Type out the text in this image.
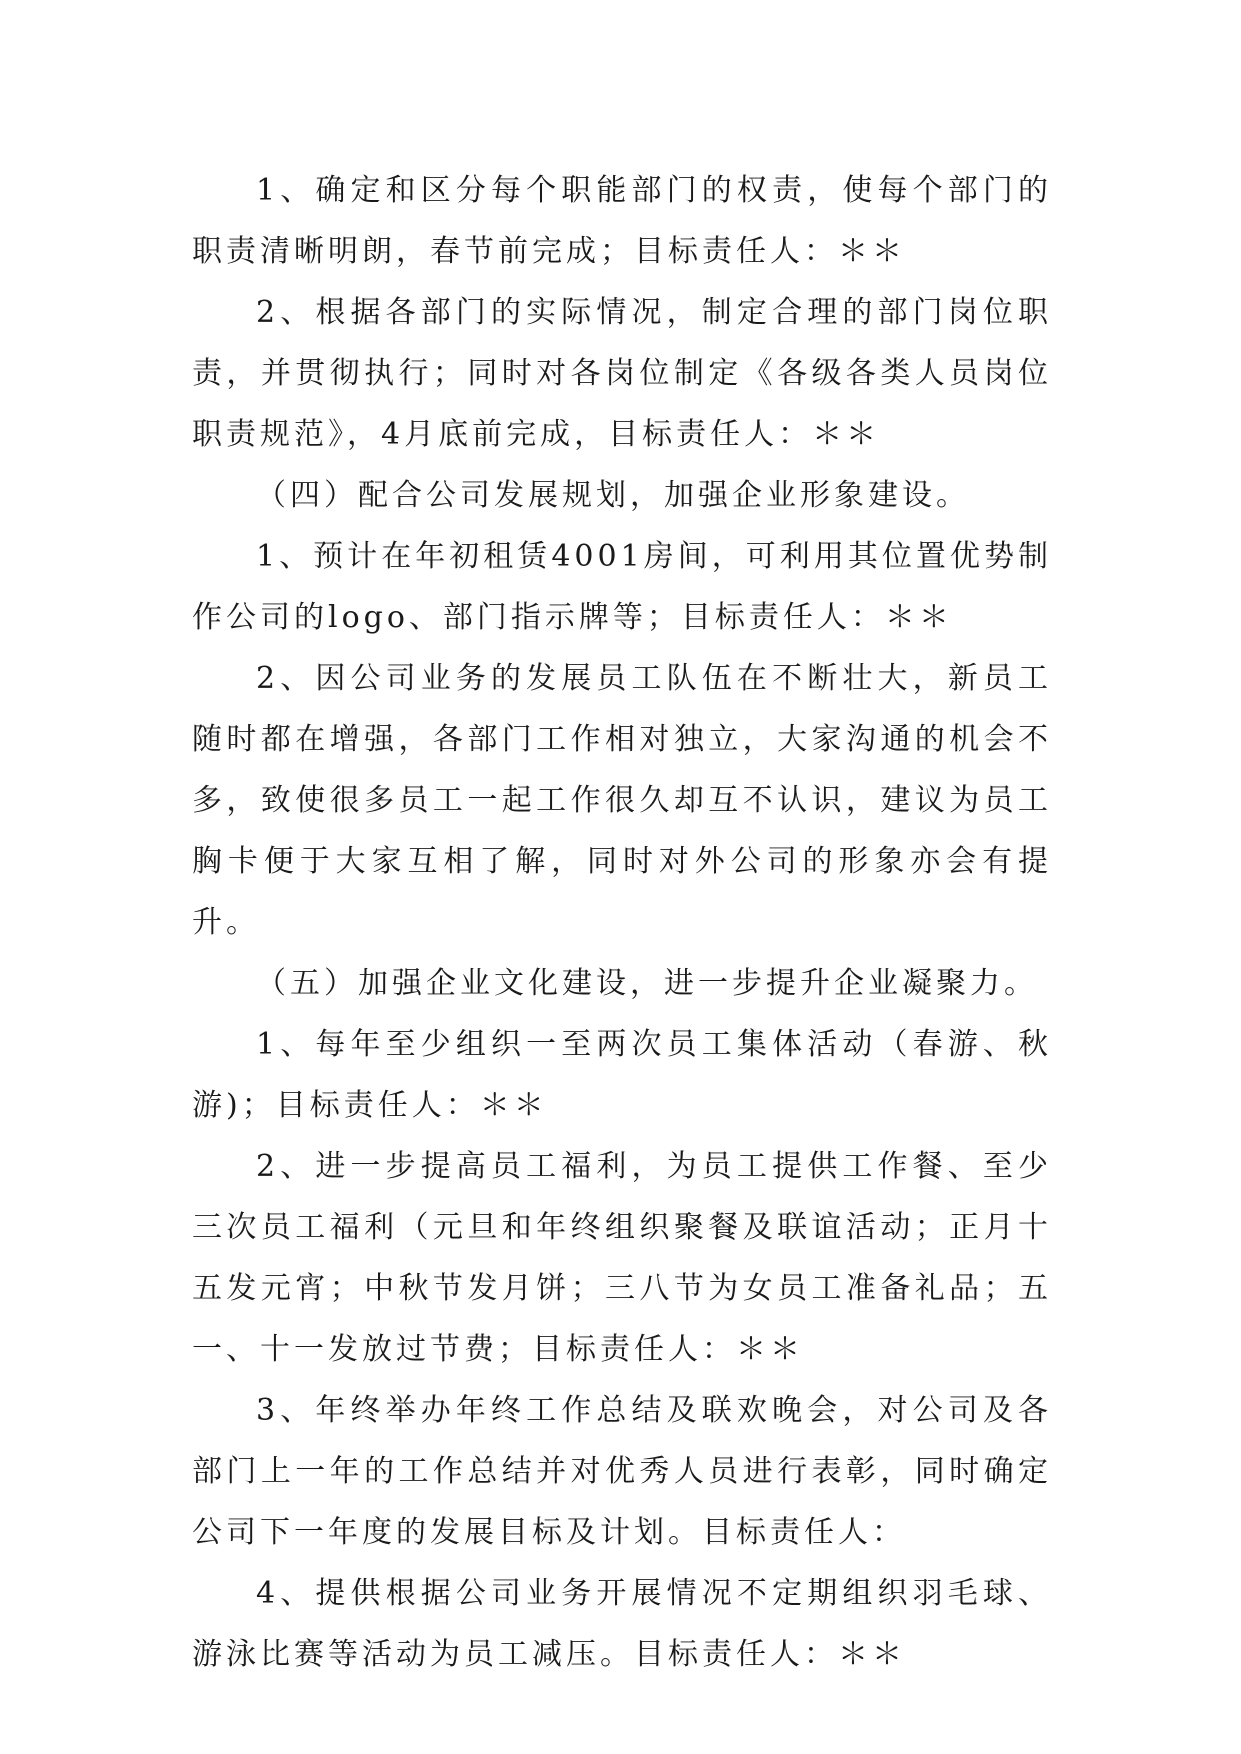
1、确定和区分每个职能部门的权责，使每个部门的职责清晰明朗，春节前完成；目标责任人：＊＊

2、根据各部门的实际情况，制定合理的部门岗位职责，并贯彻执行；同时对各岗位制定《各级各类人员岗位职责规范》，4月底前完成，目标责任人：＊＊

（四）配合公司发展规划，加强企业形象建设。

1、预计在年初租赁4001房间，可利用其位置优势制作公司的logo、部门指示牌等；目标责任人：＊＊

2、因公司业务的发展员工队伍在不断壮大，新员工随时都在增强，各部门工作相对独立，大家沟通的机会不多，致使很多员工一起工作很久却互不认识，建议为员工胸卡便于大家互相了解，同时对外公司的形象亦会有提升。

（五）加强企业文化建设，进一步提升企业凝聚力。

1、每年至少组织一至两次员工集体活动（春游、秋游)；目标责任人：＊＊

2、进一步提高员工福利，为员工提供工作餐、至少三次员工福利（元旦和年终组织聚餐及联谊活动；正月十五发元宵；中秋节发月饼；三八节为女员工准备礼品；五一、十一发放过节费；目标责任人：＊＊

3、年终举办年终工作总结及联欢晚会，对公司及各部门上一年的工作总结并对优秀人员进行表彰，同时确定公司下一年度的发展目标及计划。目标责任人：

4、提供根据公司业务开展情况不定期组织羽毛球、游泳比赛等活动为员工减压。目标责任人：＊＊
